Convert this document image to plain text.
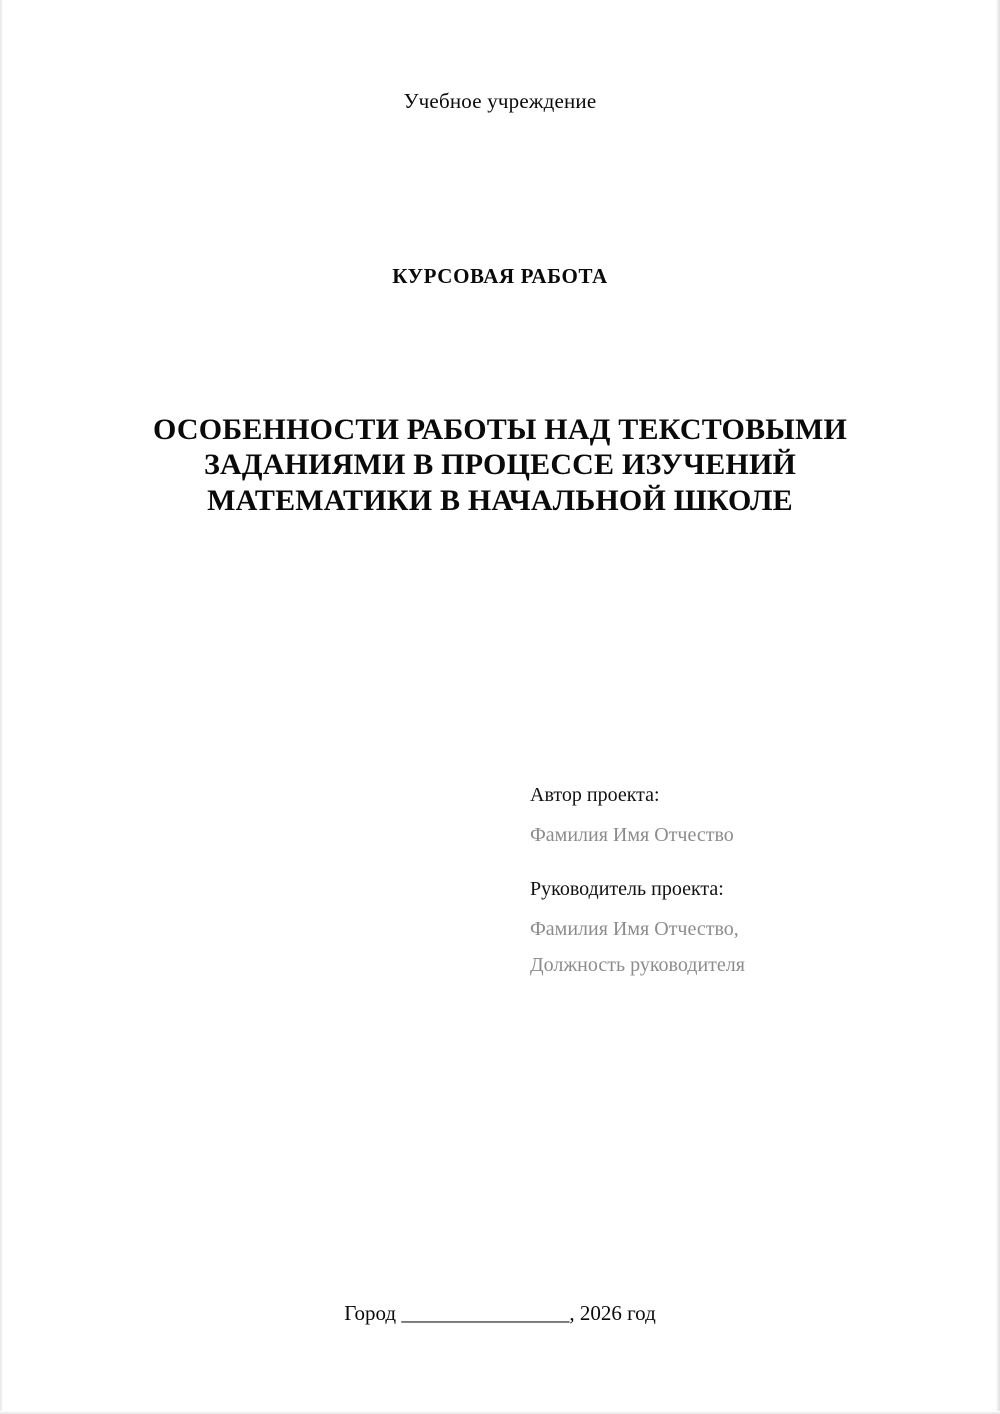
Учебное учреждение
КУРСОВАЯ РАБОТА
ОСОБЕННОСТИ РАБОТЫ НАД ТЕКСТОВЫМИ ЗАДАНИЯМИ В ПРОЦЕССЕ ИЗУЧЕНИЙ МАТЕМАТИКИ В НАЧАЛЬНОЙ ШКОЛЕ
Автор проекта:
Фамилия Имя Отчество
Руководитель проекта:
Фамилия Имя Отчество,
Должность руководителя
Город ________________, 2026 год
